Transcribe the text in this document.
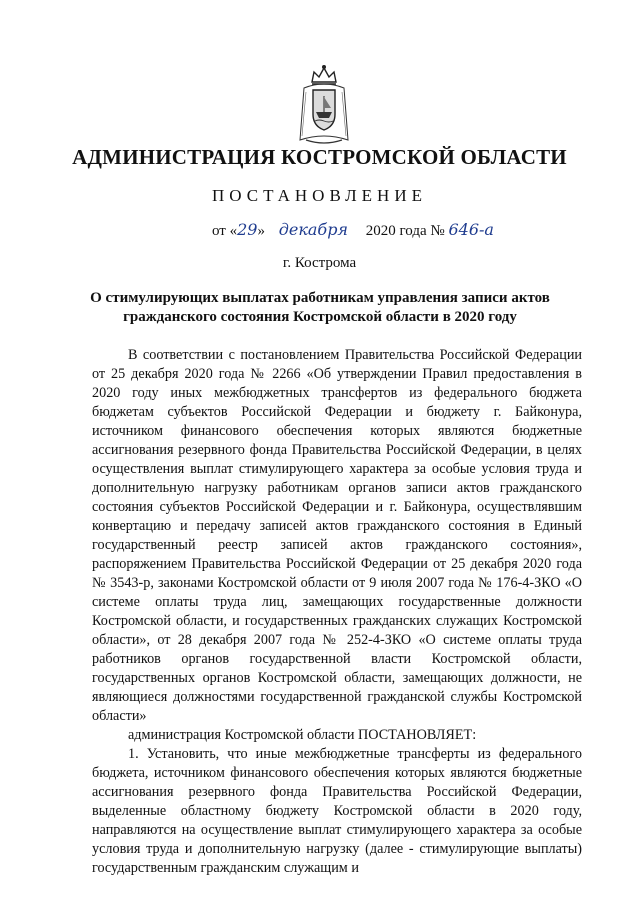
АДМИНИСТРАЦИЯ КОСТРОМСКОЙ ОБЛАСТИ
ПОСТАНОВЛЕНИЕ
от «29» декабря 2020 года № 646-а
г. Кострома
О стимулирующих выплатах работникам управления записи актов гражданского состояния Костромской области в 2020 году

В соответствии с постановлением Правительства Российской Федерации от 25 декабря 2020 года № 2266 «Об утверждении Правил предоставления в 2020 году иных межбюджетных трансфертов из федерального бюджета бюджетам субъектов Российской Федерации и бюджету г. Байконура, источником финансового обеспечения которых являются бюджетные ассигнования резервного фонда Правительства Российской Федерации, в целях осуществления выплат стимулирующего характера за особые условия труда и дополнительную нагрузку работникам органов записи актов гражданского состояния субъектов Российской Федерации и г. Байконура, осуществлявшим конвертацию и передачу записей актов гражданского состояния в Единый государственный реестр записей актов гражданского состояния», распоряжением Правительства Российской Федерации от 25 декабря 2020 года № 3543-р, законами Костромской области от 9 июля 2007 года № 176-4-ЗКО «О системе оплаты труда лиц, замещающих государственные должности Костромской области, и государственных гражданских служащих Костромской области», от 28 декабря 2007 года № 252-4-ЗКО «О системе оплаты труда работников органов государственной власти Костромской области, государственных органов Костромской области, замещающих должности, не являющиеся должностями государственной гражданской службы Костромской области»

администрация Костромской области ПОСТАНОВЛЯЕТ:

1. Установить, что иные межбюджетные трансферты из федерального бюджета, источником финансового обеспечения которых являются бюджетные ассигнования резервного фонда Правительства Российской Федерации, выделенные областному бюджету Костромской области в 2020 году, направляются на осуществление выплат стимулирующего характера за особые условия труда и дополнительную нагрузку (далее - стимулирующие выплаты) государственным гражданским служащим и
